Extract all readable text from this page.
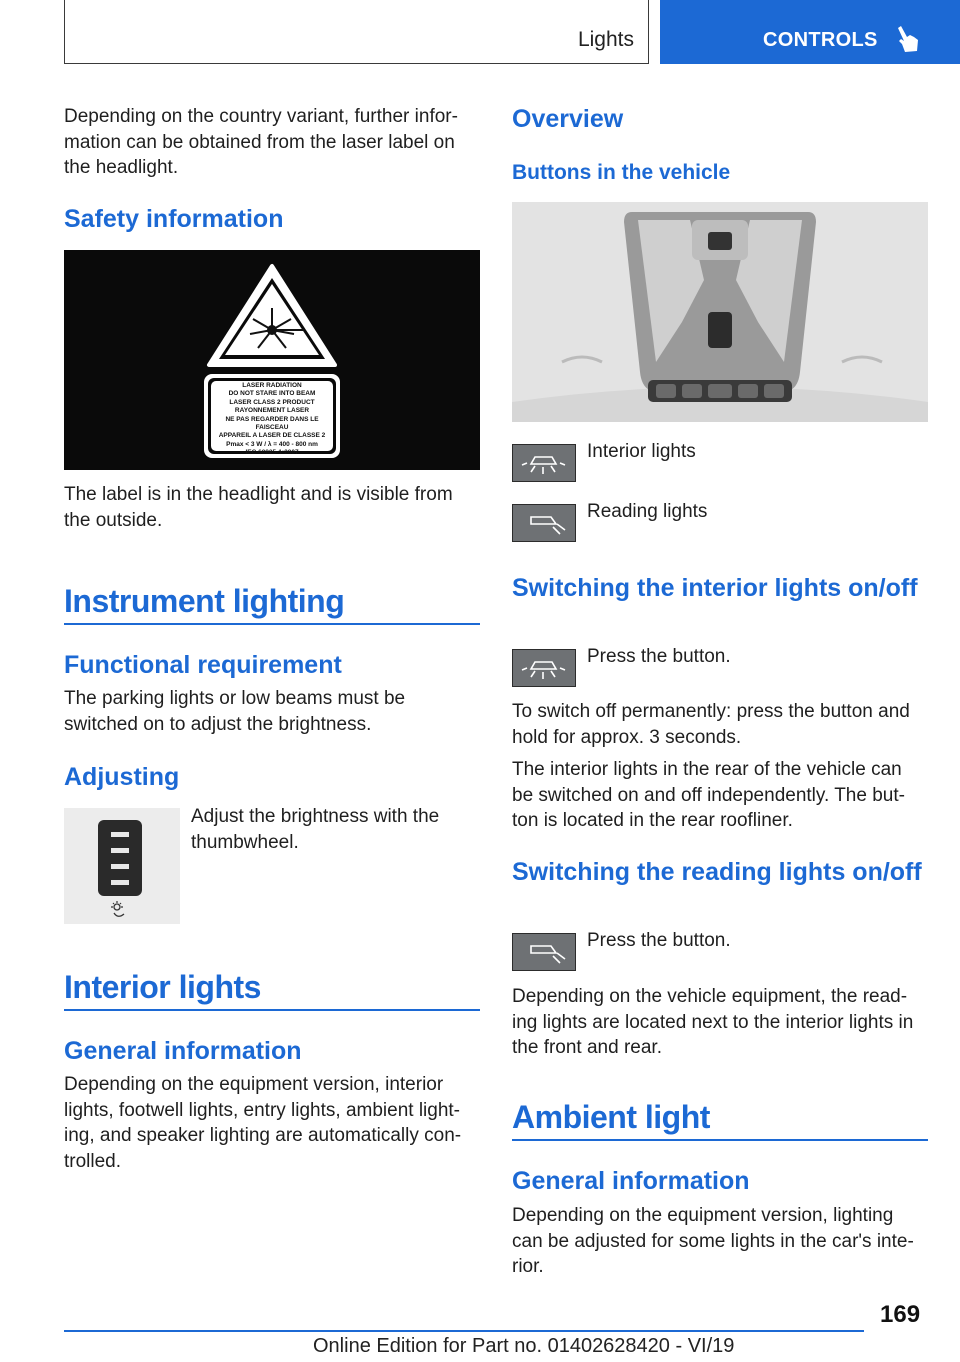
Lights	CONTROLS
Depending on the country variant, further infor‐mation can be obtained from the laser label on the headlight.
Safety information
LASER RADIATION
DO NOT STARE INTO BEAM
LASER CLASS 2 PRODUCT
RAYONNEMENT LASER
NE PAS REGARDER DANS LE FAISCEAU
APPAREIL A LASER DE CLASSE 2
Pmax < 3 W / λ = 400 - 800 nm
IEC 60825-1:2007
The label is in the headlight and is visible from the outside.
Instrument lighting
Functional requirement
The parking lights or low beams must be switched on to adjust the brightness.
Adjusting
Adjust the brightness with the thumbwheel.
Interior lights
General information
Depending on the equipment version, interior lights, footwell lights, entry lights, ambient light‐ing, and speaker lighting are automatically con‐trolled.
Overview
Buttons in the vehicle
Interior lights
Reading lights
Switching the interior lights on/off
Press the button.
To switch off permanently: press the button and hold for approx. 3 seconds.
The interior lights in the rear of the vehicle can be switched on and off independently. The but‐ton is located in the rear roofliner.
Switching the reading lights on/off
Press the button.
Depending on the vehicle equipment, the read‐ing lights are located next to the interior lights in the front and rear.
Ambient light
General information
Depending on the equipment version, lighting can be adjusted for some lights in the car's inte‐rior.
169
Online Edition for Part no. 01402628420 - VI/19
